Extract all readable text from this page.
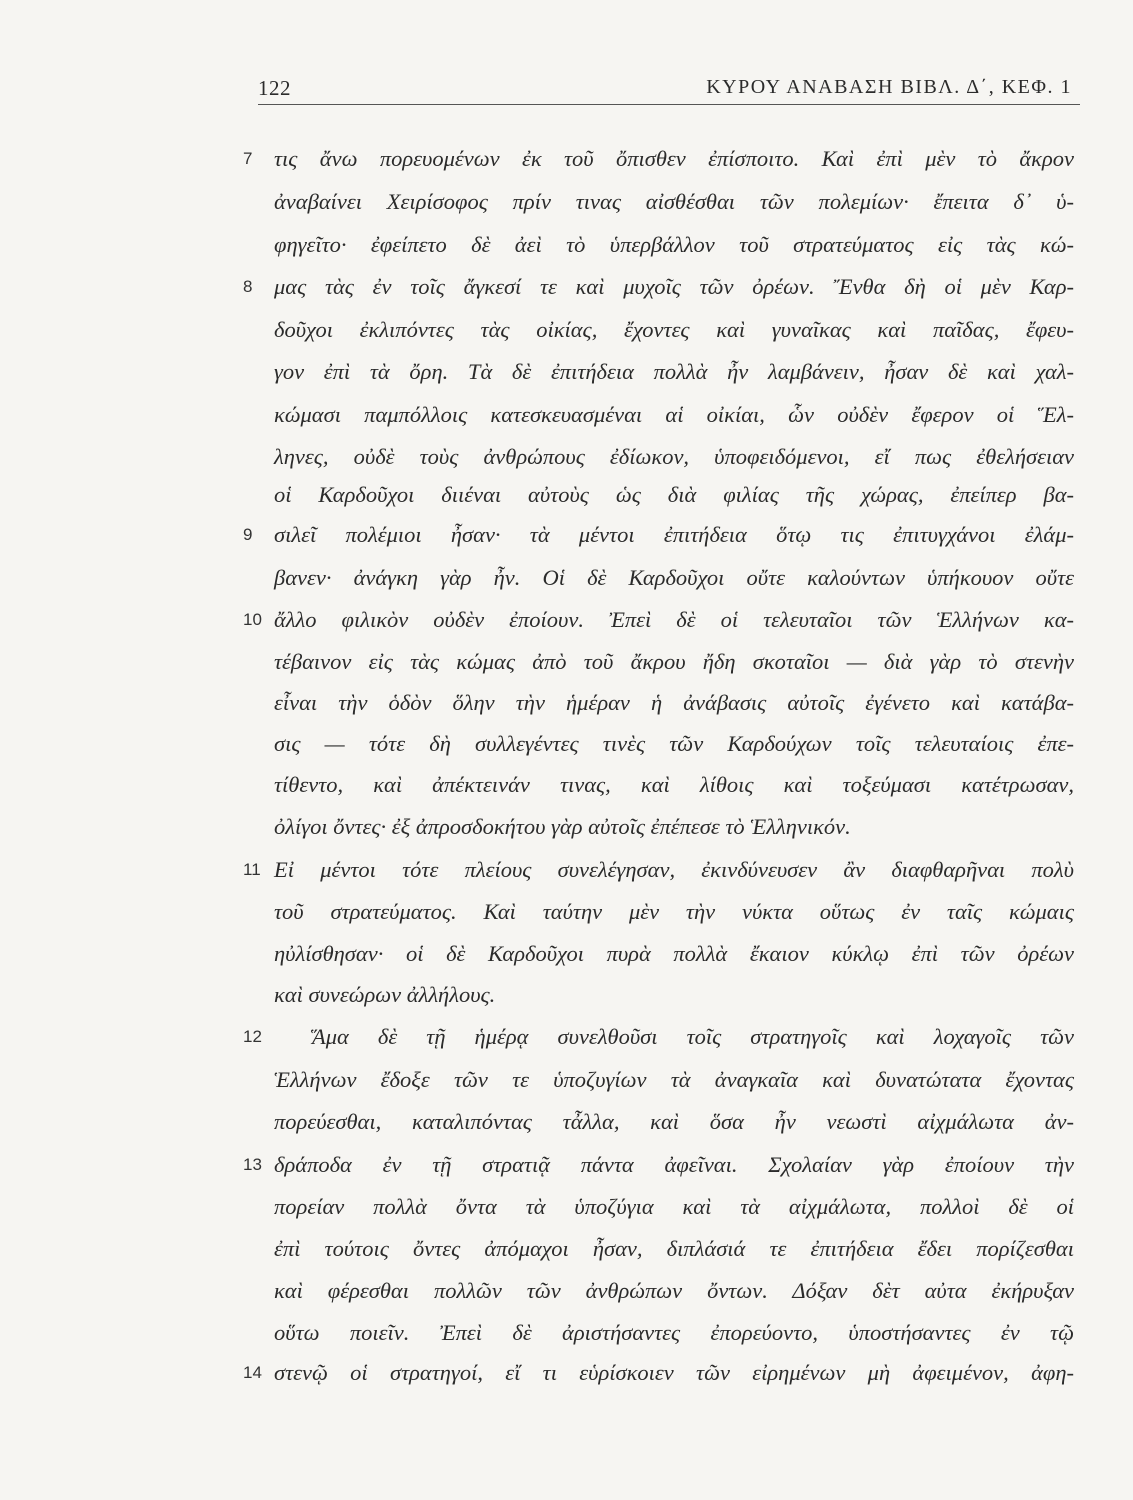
122	ΚΥΡΟΥ ΑΝΑΒΑΣΗ ΒΙΒΛ. Δ΄, ΚΕΦ. 1
7
8
9
10
11
12
13
14
τις ἄνω πορευομένων ἐκ τοῦ ὄπισθεν ἐπίσποιτο. Καὶ ἐπὶ μὲν τὸ ἄκρον
ἀναβαίνει Χειρίσοφος πρίν τινας αἰσθέσθαι τῶν πολεμίων· ἔπειτα δ᾽ ὑ-
φηγεῖτο· ἐφείπετο δὲ ἀεὶ τὸ ὑπερβάλλον τοῦ στρατεύματος εἰς τὰς κώ-
μας τὰς ἐν τοῖς ἄγκεσί τε καὶ μυχοῖς τῶν ὀρέων. Ἔνθα δὴ οἱ μὲν Καρ-
δοῦχοι ἐκλιπόντες τὰς οἰκίας, ἔχοντες καὶ γυναῖκας καὶ παῖδας, ἔφευ-
γον ἐπὶ τὰ ὄρη. Τὰ δὲ ἐπιτήδεια πολλὰ ἦν λαμβάνειν, ἦσαν δὲ καὶ χαλ-
κώμασι παμπόλλοις κατεσκευασμέναι αἱ οἰκίαι, ὧν οὐδὲν ἔφερον οἱ Ἕλ-
ληνες, οὐδὲ τοὺς ἀνθρώπους ἐδίωκον, ὑποφειδόμενοι, εἴ πως ἐθελήσειαν
οἱ Καρδοῦχοι διιέναι αὐτοὺς ὡς διὰ φιλίας τῆς χώρας, ἐπείπερ βα-
σιλεῖ πολέμιοι ἦσαν· τὰ μέντοι ἐπιτήδεια ὅτῳ τις ἐπιτυγχάνοι ἐλάμ-
βανεν· ἀνάγκη γὰρ ἦν. Οἱ δὲ Καρδοῦχοι οὔτε καλούντων ὑπήκουον οὔτε
ἄλλο φιλικὸν οὐδὲν ἐποίουν. Ἐπεὶ δὲ οἱ τελευταῖοι τῶν Ἑλλήνων κα-
τέβαινον εἰς τὰς κώμας ἀπὸ τοῦ ἄκρου ἤδη σκοταῖοι — διὰ γὰρ τὸ στενὴν
εἶναι τὴν ὁδὸν ὅλην τὴν ἡμέραν ἡ ἀνάβασις αὐτοῖς ἐγένετο καὶ κατάβα-
σις — τότε δὴ συλλεγέντες τινὲς τῶν Καρδούχων τοῖς τελευταίοις ἐπε-
τίθεντο, καὶ ἀπέκτεινάν τινας, καὶ λίθοις καὶ τοξεύμασι κατέτρωσαν,
ὀλίγοι ὄντες· ἐξ ἀπροσδοκήτου γὰρ αὐτοῖς ἐπέπεσε τὸ Ἑλληνικόν.
Εἰ μέντοι τότε πλείους συνελέγησαν, ἐκινδύνευσεν ἂν διαφθαρῆναι πολὺ
τοῦ στρατεύματος. Καὶ ταύτην μὲν τὴν νύκτα οὕτως ἐν ταῖς κώμαις
ηὐλίσθησαν· οἱ δὲ Καρδοῦχοι πυρὰ πολλὰ ἔκαιον κύκλῳ ἐπὶ τῶν ὀρέων
καὶ συνεώρων ἀλλήλους.
Ἅμα δὲ τῇ ἡμέρᾳ συνελθοῦσι τοῖς στρατηγοῖς καὶ λοχαγοῖς τῶν
Ἑλλήνων ἔδοξε τῶν τε ὑποζυγίων τὰ ἀναγκαῖα καὶ δυνατώτατα ἔχοντας
πορεύεσθαι, καταλιπόντας τἆλλα, καὶ ὅσα ἦν νεωστὶ αἰχμάλωτα ἀν-
δράποδα ἐν τῇ στρατιᾷ πάντα ἀφεῖναι. Σχολαίαν γὰρ ἐποίουν τὴν
πορείαν πολλὰ ὄντα τὰ ὑποζύγια καὶ τὰ αἰχμάλωτα, πολλοὶ δὲ οἱ
ἐπὶ τούτοις ὄντες ἀπόμαχοι ἦσαν, διπλάσιά τε ἐπιτήδεια ἔδει πορίζεσθαι
καὶ φέρεσθαι πολλῶν τῶν ἀνθρώπων ὄντων. Δόξαν δὲτ αὐτα ἐκήρυξαν
οὕτω ποιεῖν. Ἐπεὶ δὲ ἀριστήσαντες ἐπορεύοντο, ὑποστήσαντες ἐν τῷ
στενῷ οἱ στρατηγοί, εἴ τι εὑρίσκοιεν τῶν εἰρημένων μὴ ἀφειμένον, ἀφη-
